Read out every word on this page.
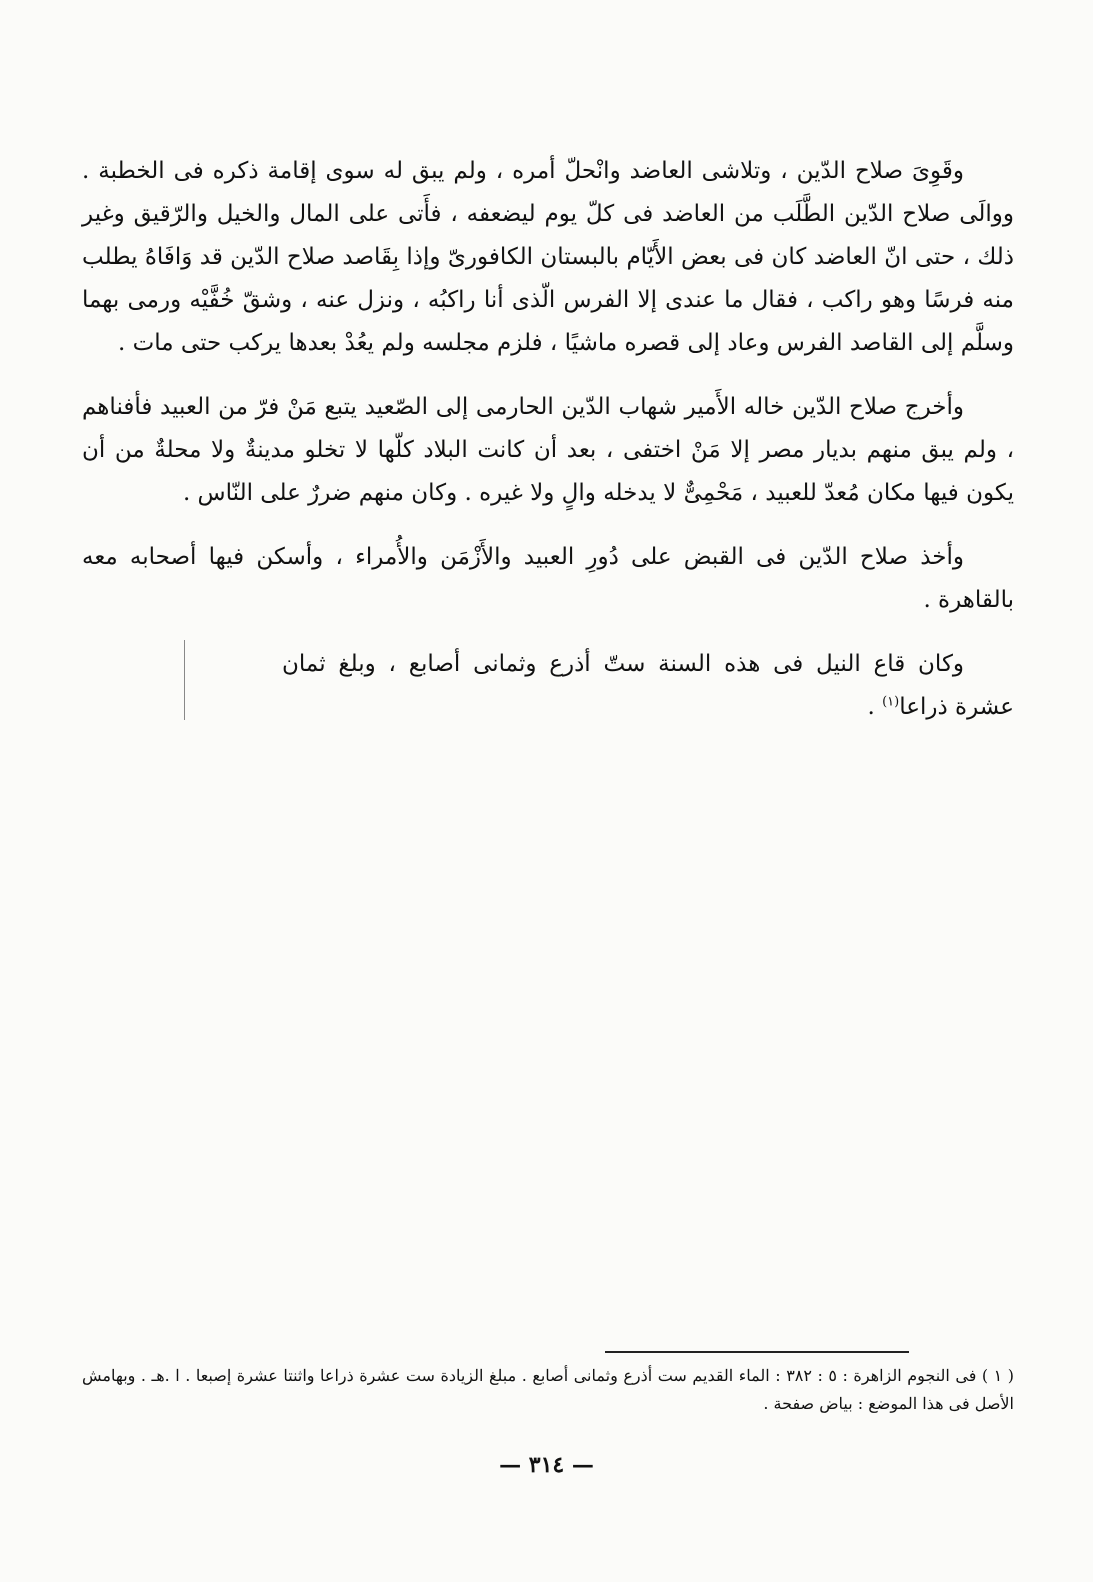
وقَوِىَ صلاح الدّين ، وتلاشى العاضد وانْحلّ أمره ، ولم يبق له سوى إقامة ذكره فى الخطبة . ووالَى صلاح الدّين الطَّلَب من العاضد فى كلّ يوم ليضعفه ، فأَتى على المال والخيل والرّقيق وغير ذلك ، حتى انّ العاضد كان فى بعض الأَيّام بالبستان الكافورىّ وإذا بِقَاصد صلاح الدّين قد وَافَاهُ يطلب منه فرسًا وهو راكب ، فقال ما عندى إلا الفرس الّذى أنا راكبُه ، ونزل عنه ، وشقّ خُفَّيْه ورمى بهما وسلَّم إلى القاصد الفرس وعاد إلى قصره ماشيًا ، فلزم مجلسه ولم يعُدْ بعدها يركب حتى مات .

وأخرج صلاح الدّين خاله الأَمير شهاب الدّين الحارمى إلى الصّعيد يتبع مَنْ فرّ من العبيد فأفناهم ، ولم يبق منهم بديار مصر إلا مَنْ اختفى ، بعد أن كانت البلاد كلّها لا تخلو مدينةٌ ولا محلةٌ من أن يكون فيها مكان مُعدّ للعبيد ، مَحْمِىٌّ لا يدخله والٍ ولا غيره . وكان منهم ضررٌ على النّاس .

وأخذ صلاح الدّين فى القبض على دُورِ العبيد والأَزْمَن والأُمراء ، وأسكن فيها أصحابه معه بالقاهرة .

وكان قاع النيل فى هذه السنة ستّ أذرع وثمانى أصابع ، وبلغ ثمان عشرة ذراعا$^{(١)}$ .

( ١ ) فى النجوم الزاهرة : ٥ : ٣٨٢ : الماء القديم ست أذرع وثمانى أصابع . مبلغ الزيادة ست عشرة ذراعا واثنتا عشرة إصبعا . ا .هـ . وبهامش الأصل فى هذا الموضع : بياض صفحة .
— ٣١٤ —
